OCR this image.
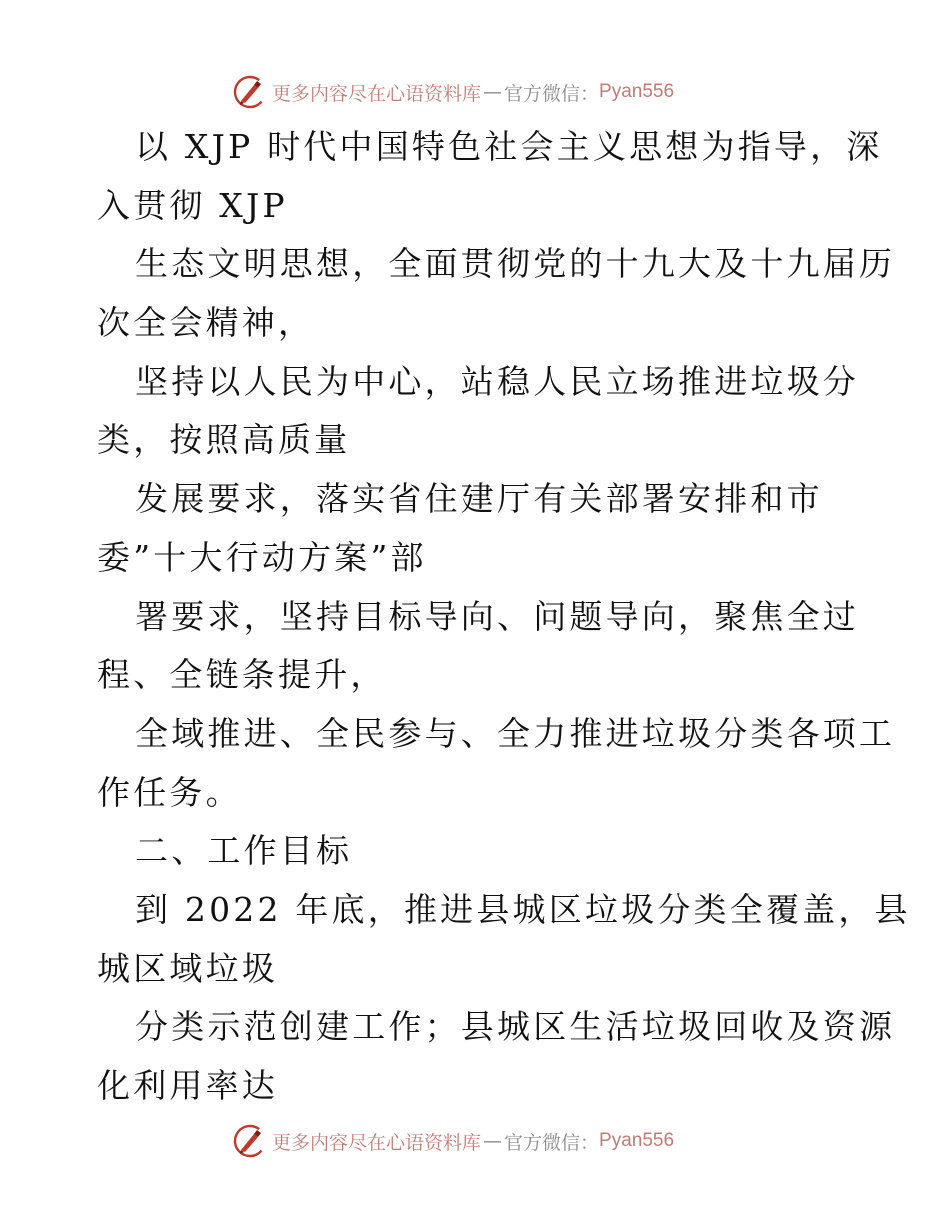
更多内容尽在心语资料库 — 官方微信： Pyan556

以 XJP 时代中国特色社会主义思想为指导，深
入贯彻 XJP

生态文明思想，全面贯彻党的十九大及十九届历
次全会精神，

坚持以人民为中心，站稳人民立场推进垃圾分
类，按照高质量

发展要求，落实省住建厅有关部署安排和市
委”十大行动方案”部

署要求，坚持目标导向、问题导向，聚焦全过
程、全链条提升，

全域推进、全民参与、全力推进垃圾分类各项工
作任务。

二、工作目标

到 2022 年底，推进县城区垃圾分类全覆盖，县
城区域垃圾

分类示范创建工作；县城区生活垃圾回收及资源
化利用率达

更多内容尽在心语资料库 — 官方微信： Pyan556
